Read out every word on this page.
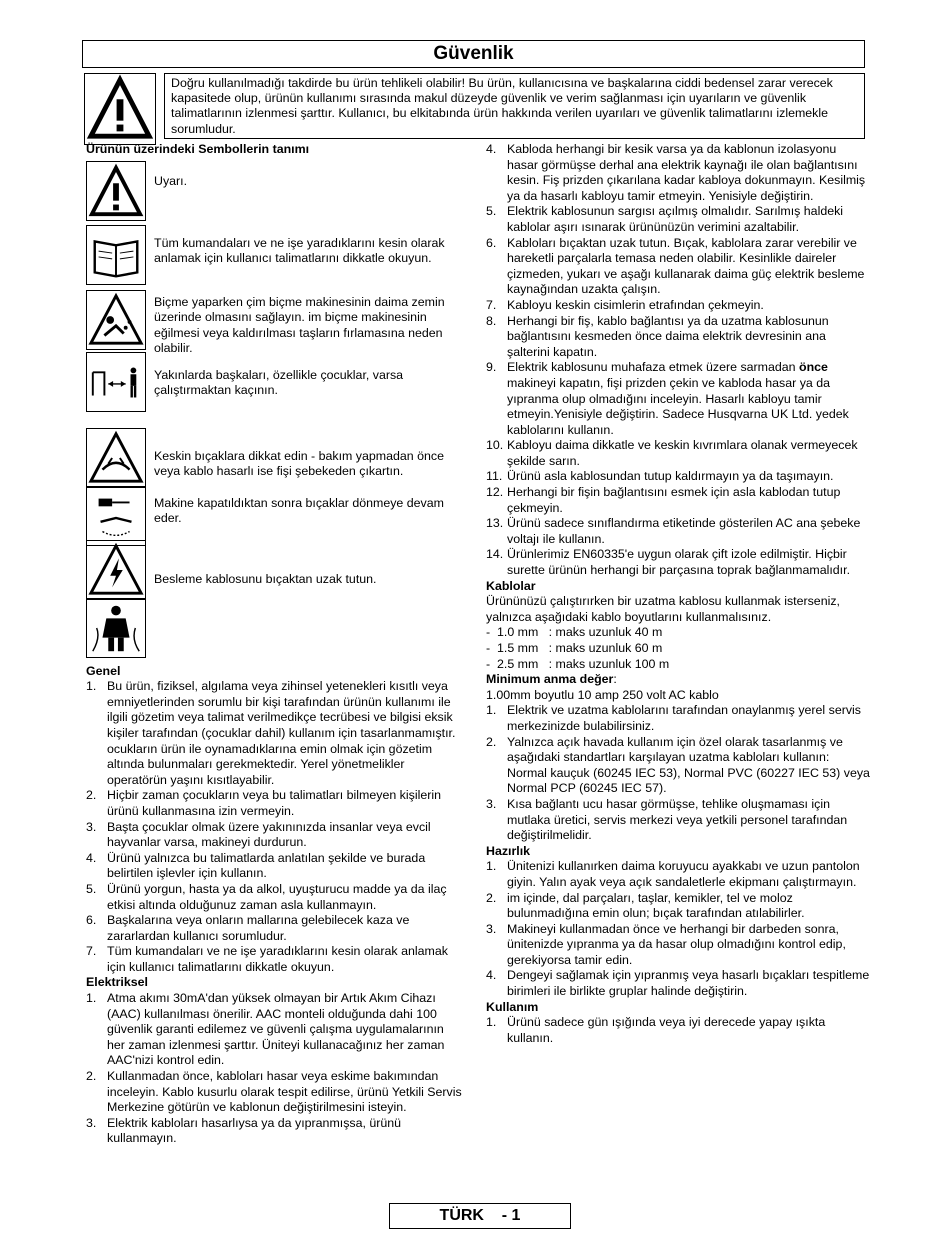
Güvenlik
Doğru kullanılmadığı takdirde bu ürün tehlikeli olabilir! Bu ürün, kullanıcısına ve başkalarına ciddi bedensel zarar verecek kapasitede olup, ürünün kullanımı sırasında makul düzeyde güvenlik ve verim sağlanması için uyarıların ve güvenlik talimatlarının izlenmesi şarttır. Kullanıcı, bu elkitabında ürün hakkında verilen uyarıları ve güvenlik talimatlarını izlemekle sorumludur.
Ürünün üzerindeki Sembollerin tanımı
Uyarı.
Tüm kumandaları ve ne işe yaradıklarını kesin olarak anlamak için kullanıcı talimatlarını dikkatle okuyun.
Biçme yaparken çim biçme makinesinin daima zemin üzerinde olmasını sağlayın. im biçme makinesinin eğilmesi veya kaldırılması taşların fırlamasına neden olabilir.
Yakınlarda başkaları, özellikle çocuklar, varsa çalıştırmaktan kaçının.
Keskin bıçaklara dikkat edin - bakım yapmadan önce veya kablo hasarlı ise fişi şebekeden çıkartın.
Makine kapatıldıktan sonra bıçaklar dönmeye devam eder.
Besleme kablosunu bıçaktan uzak tutun.
Genel
1. Bu ürün, fiziksel, algılama veya zihinsel yetenekleri kısıtlı veya emniyetlerinden sorumlu bir kişi tarafından ürünün kullanımı ile ilgili gözetim veya talimat verilmedikçe tecrübesi ve bilgisi eksik kişiler tarafından (çocuklar dahil) kullanım için tasarlanmamıştır. ocukların ürün ile oynamadıklarına emin olmak için gözetim altında bulunmaları gerekmektedir. Yerel yönetmelikler operatörün yaşını kısıtlayabilir.
2. Hiçbir zaman çocukların veya bu talimatları bilmeyen kişilerin ürünü kullanmasına izin vermeyin.
3. Başta çocuklar olmak üzere yakınınızda insanlar veya evcil hayvanlar varsa, makineyi durdurun.
4. Ürünü yalnızca bu talimatlarda anlatılan şekilde ve burada belirtilen işlevler için kullanın.
5. Ürünü yorgun, hasta ya da alkol, uyuşturucu madde ya da ilaç etkisi altında olduğunuz zaman asla kullanmayın.
6. Başkalarına veya onların mallarına gelebilecek kaza ve zararlardan kullanıcı sorumludur.
7. Tüm kumandaları ve ne işe yaradıklarını kesin olarak anlamak için kullanıcı talimatlarını dikkatle okuyun.
Elektriksel
1. Atma akımı 30mA'dan yüksek olmayan bir Artık Akım Cihazı (AAC) kullanılması önerilir. AAC monteli olduğunda dahi 100 güvenlik garanti edilemez ve güvenli çalışma uygulamalarının her zaman izlenmesi şarttır. Üniteyi kullanacağınız her zaman AAC'nizi kontrol edin.
2. Kullanmadan önce, kabloları hasar veya eskime bakımından inceleyin. Kablo kusurlu olarak tespit edilirse, ürünü Yetkili Servis Merkezine götürün ve kablonun değiştirilmesini isteyin.
3. Elektrik kabloları hasarlıysa ya da yıpranmışsa, ürünü kullanmayın.
4. Kabloda herhangi bir kesik varsa ya da kablonun izolasyonu hasar görmüşse derhal ana elektrik kaynağı ile olan bağlantısını kesin. Fiş prizden çıkarılana kadar kabloya dokunmayın. Kesilmiş ya da hasarlı kabloyu tamir etmeyin. Yenisiyle değiştirin.
5. Elektrik kablosunun sargısı açılmış olmalıdır. Sarılmış haldeki kablolar aşırı ısınarak ürününüzün verimini azaltabilir.
6. Kabloları bıçaktan uzak tutun. Bıçak, kablolara zarar verebilir ve hareketli parçalarla temasa neden olabilir. Kesinlikle daireler çizmeden, yukarı ve aşağı kullanarak daima güç elektrik besleme kaynağından uzakta çalışın.
7. Kabloyu keskin cisimlerin etrafından çekmeyin.
8. Herhangi bir fiş, kablo bağlantısı ya da uzatma kablosunun bağlantısını kesmeden önce daima elektrik devresinin ana şalterini kapatın.
9. Elektrik kablosunu muhafaza etmek üzere sarmadan önce makineyi kapatın, fişi prizden çekin ve kabloda hasar ya da yıpranma olup olmadığını inceleyin. Hasarlı kabloyu tamir etmeyin.Yenisiyle değiştirin. Sadece Husqvarna UK Ltd. yedek kablolarını kullanın.
10. Kabloyu daima dikkatle ve keskin kıvrımlara olanak vermeyecek şekilde sarın.
11. Ürünü asla kablosundan tutup kaldırmayın ya da taşımayın.
12. Herhangi bir fişin bağlantısını esmek için asla kablodan tutup çekmeyin.
13. Ürünü sadece sınıflandırma etiketinde gösterilen AC ana şebeke voltajı ile kullanın.
14. Ürünlerimiz EN60335'e uygun olarak çift izole edilmiştir. Hiçbir surette ürünün herhangi bir parçasına toprak bağlanmamalıdır.
Kablolar

Ürününüzü çalıştırırken bir uzatma kablosu kullanmak isterseniz, yalnızca aşağıdaki kablo boyutlarını kullanmalısınız.

-  1.0 mm   : maks uzunluk 40 m
-  1.5 mm   : maks uzunluk 60 m
-  2.5 mm   : maks uzunluk 100 m
Minimum anma değer:

1.00mm boyutlu 10 amp 250 volt AC kablo

1. Elektrik ve uzatma kablolarını tarafından onaylanmış yerel servis merkezinizde bulabilirsiniz.
2. Yalnızca açık havada kullanım için özel olarak tasarlanmış ve aşağıdaki standartları karşılayan uzatma kabloları kullanın: Normal kauçuk (60245 IEC 53), Normal PVC (60227 IEC 53) veya Normal PCP (60245 IEC 57).
3. Kısa bağlantı ucu hasar görmüşse, tehlike oluşmaması için mutlaka üretici, servis merkezi veya yetkili personel tarafından değiştirilmelidir.
Hazırlık
1. Ünitenizi kullanırken daima koruyucu ayakkabı ve uzun pantolon giyin. Yalın ayak veya açık sandaletlerle ekipmanı çalıştırmayın.
2. im içinde, dal parçaları, taşlar, kemikler, tel ve moloz bulunmadığına emin olun; bıçak tarafından atılabilirler.
3. Makineyi kullanmadan önce ve herhangi bir darbeden sonra, ünitenizde yıpranma ya da hasar olup olmadığını kontrol edip, gerekiyorsa tamir edin.
4. Dengeyi sağlamak için yıpranmış veya hasarlı bıçakları tespitleme birimleri ile birlikte gruplar halinde değiştirin.
Kullanım
1. Ürünü sadece gün ışığında veya iyi derecede yapay ışıkta kullanın.
TÜRK - 1
